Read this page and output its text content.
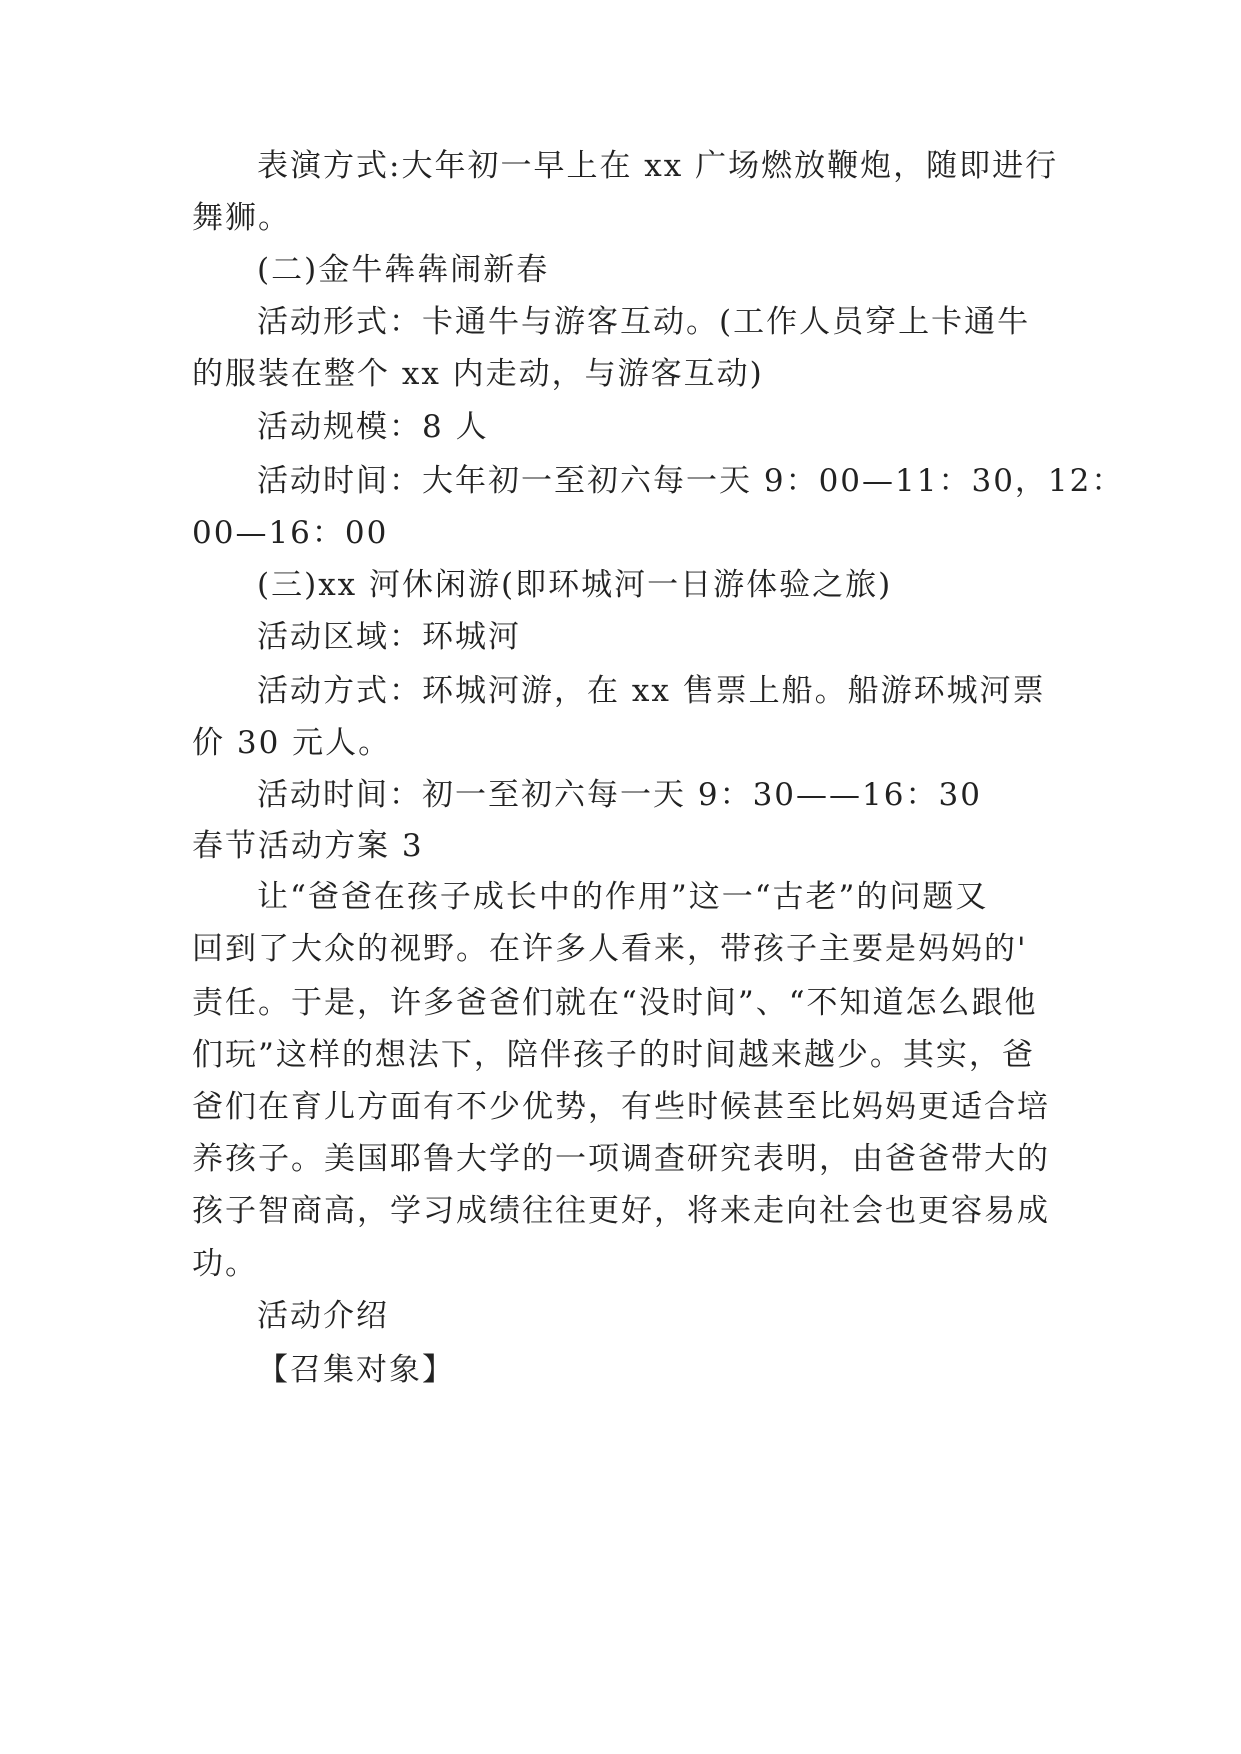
表演方式:大年初一早上在 xx 广场燃放鞭炮，随即进行
舞狮。
(二)金牛犇犇闹新春
活动形式：卡通牛与游客互动。(工作人员穿上卡通牛
的服装在整个 xx 内走动，与游客互动)
活动规模：8 人
活动时间：大年初一至初六每一天 9：00—11：30，12：
00—16：00
(三)xx 河休闲游(即环城河一日游体验之旅)
活动区域：环城河
活动方式：环城河游，在 xx 售票上船。船游环城河票
价 30 元人。
活动时间：初一至初六每一天 9：30——16：30
春节活动方案 3
让“爸爸在孩子成长中的作用”这一“古老”的问题又
回到了大众的视野。在许多人看来，带孩子主要是妈妈的'
责任。于是，许多爸爸们就在“没时间”、“不知道怎么跟他
们玩”这样的想法下，陪伴孩子的时间越来越少。其实，爸
爸们在育儿方面有不少优势，有些时候甚至比妈妈更适合培
养孩子。美国耶鲁大学的一项调查研究表明，由爸爸带大的
孩子智商高，学习成绩往往更好，将来走向社会也更容易成
功。
活动介绍
【召集对象】
